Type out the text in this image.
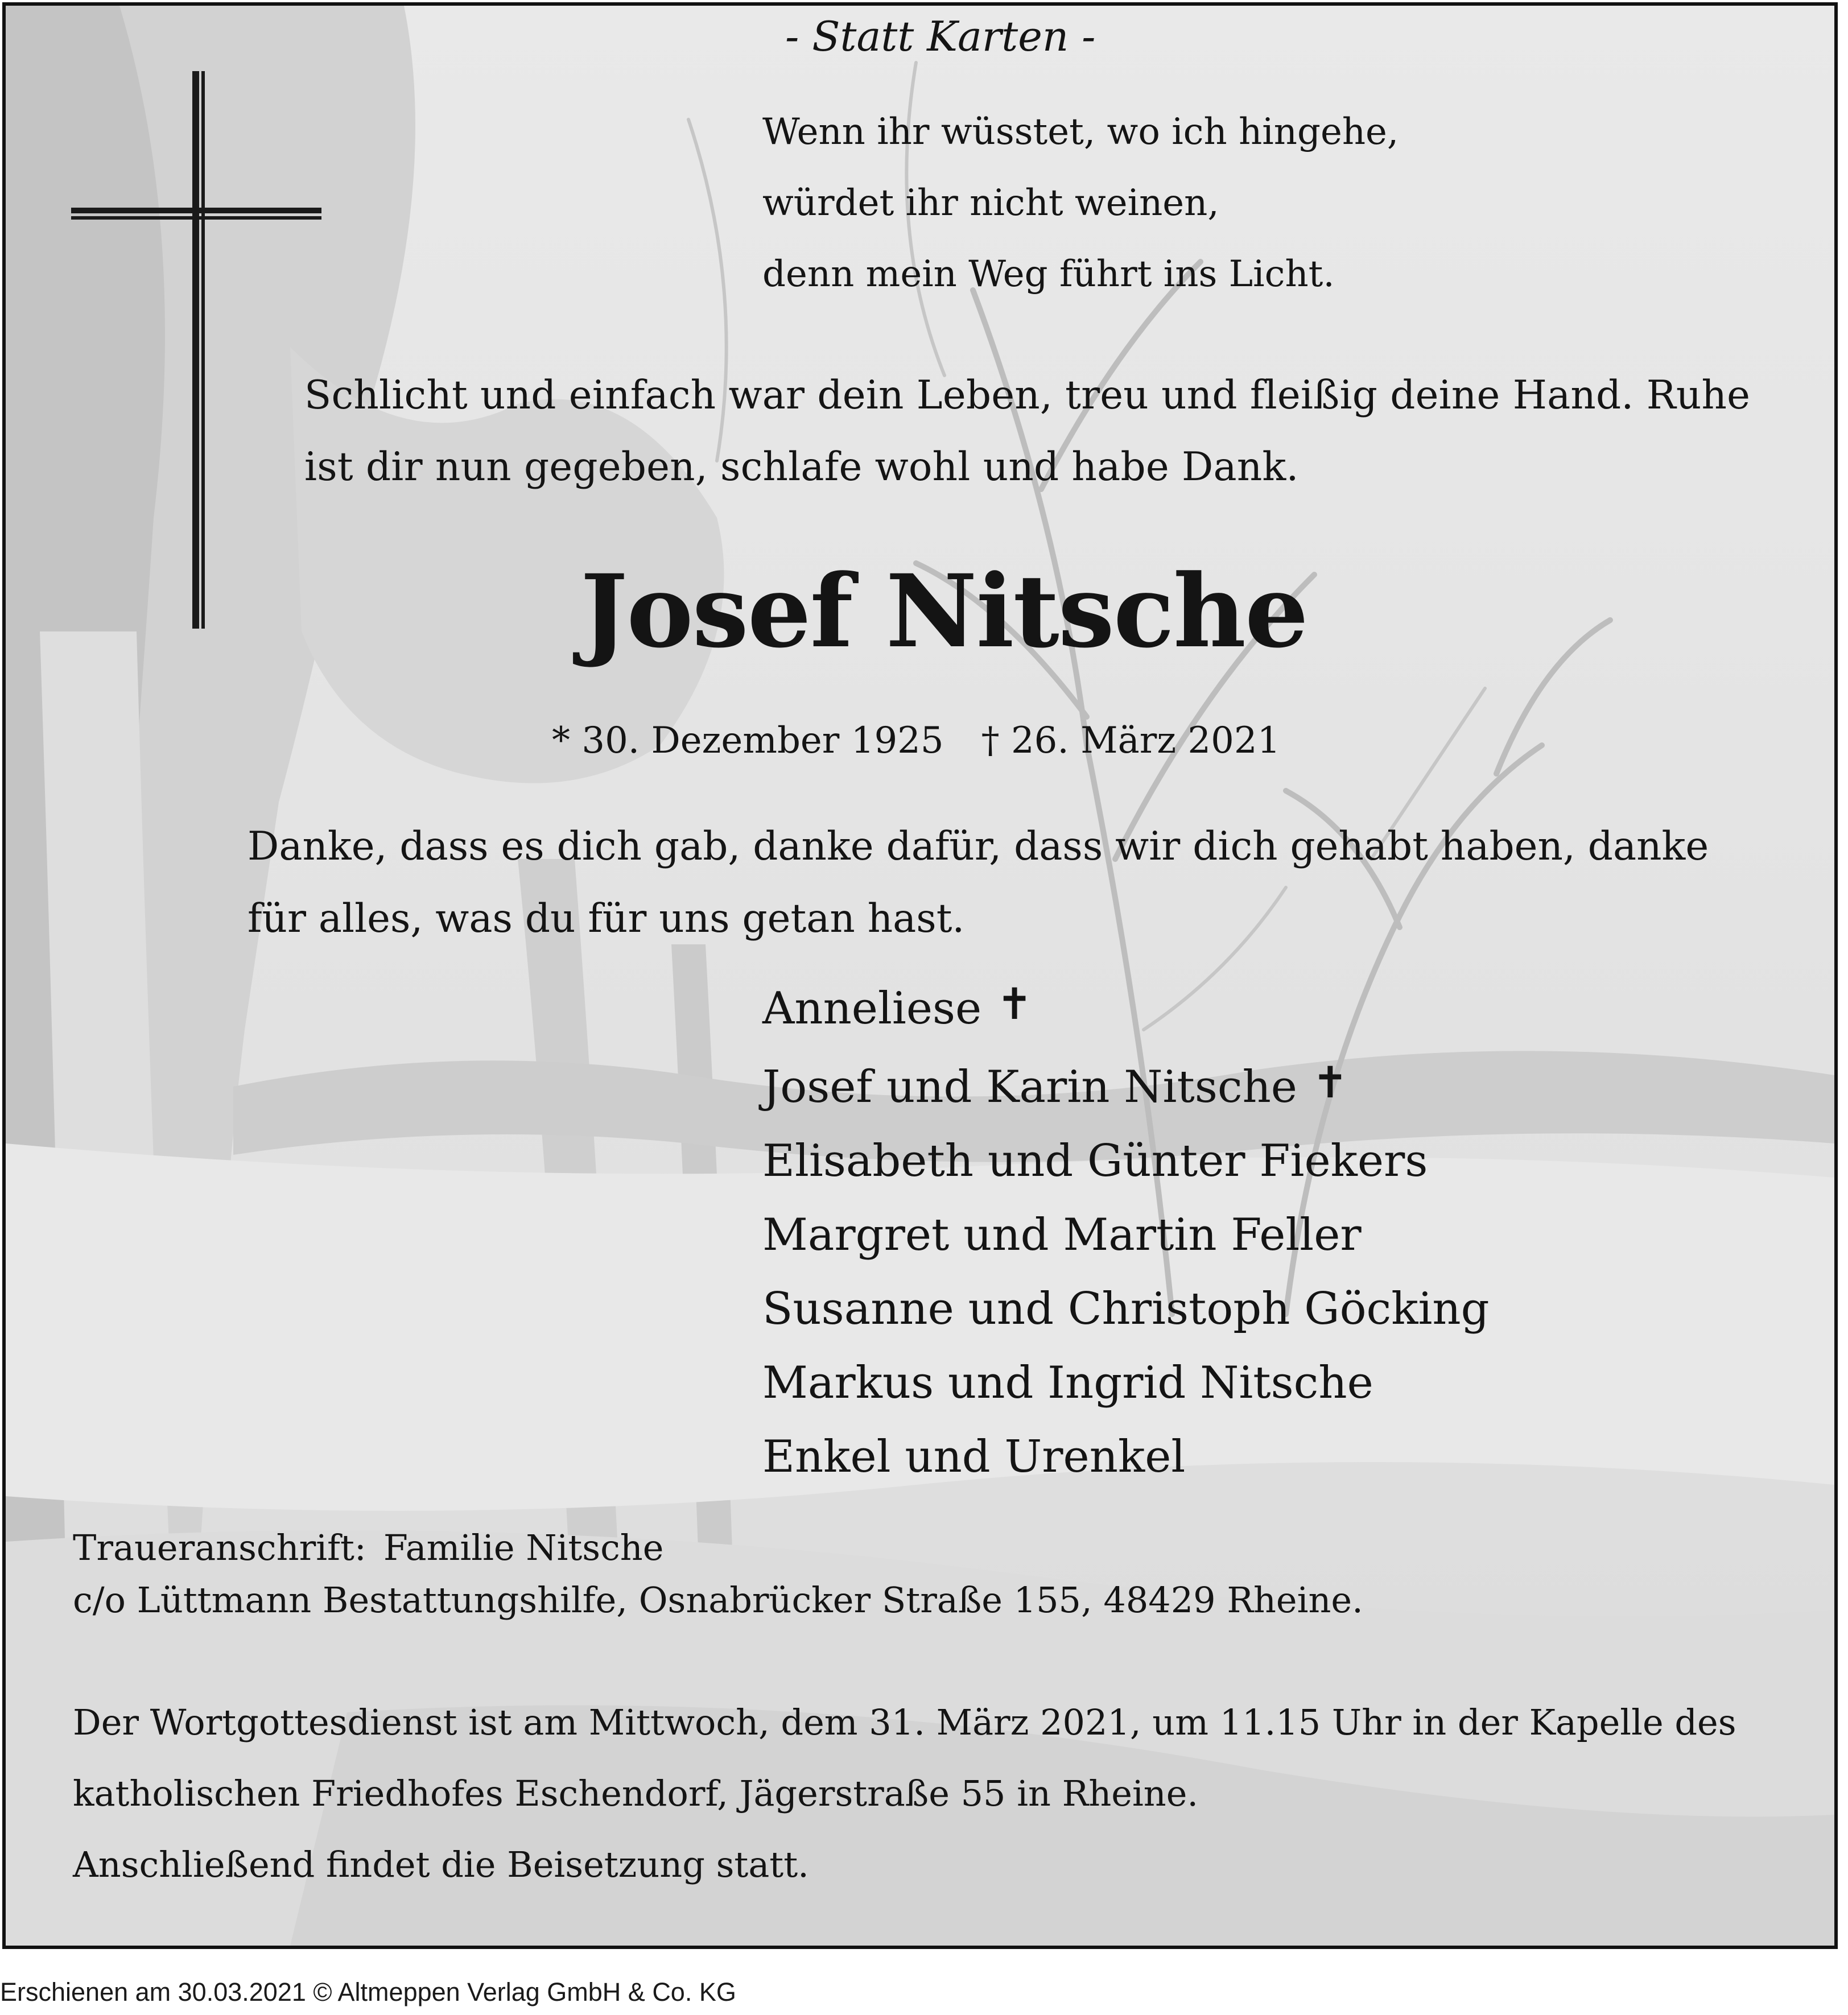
- Statt Karten -

Wenn ihr wüsstet, wo ich hingehe,
würdet ihr nicht weinen,
denn mein Weg führt ins Licht.
Schlicht und einfach war dein Leben, treu und fleißig deine Hand. Ruhe
ist dir nun gegeben, schlafe wohl und habe Dank.
Josef Nitsche

* 30. Dezember 1925 † 26. März 2021

Danke, dass es dich gab, danke dafür, dass wir dich gehabt haben, danke
für alles, was du für uns getan hast.
Anneliese ✝
Josef und Karin Nitsche ✝
Elisabeth und Günter Fiekers
Margret und Martin Feller
Susanne und Christoph Göcking
Markus und Ingrid Nitsche
Enkel und Urenkel
Traueranschrift: Familie Nitsche
c/o Lüttmann Bestattungshilfe, Osnabrücker Straße 155, 48429 Rheine.
Der Wortgottesdienst ist am Mittwoch, dem 31. März 2021, um 11.15 Uhr in der Kapelle des
katholischen Friedhofes Eschendorf, Jägerstraße 55 in Rheine.
Anschließend findet die Beisetzung statt.

Erschienen am 30.03.2021 © Altmeppen Verlag GmbH & Co. KG
